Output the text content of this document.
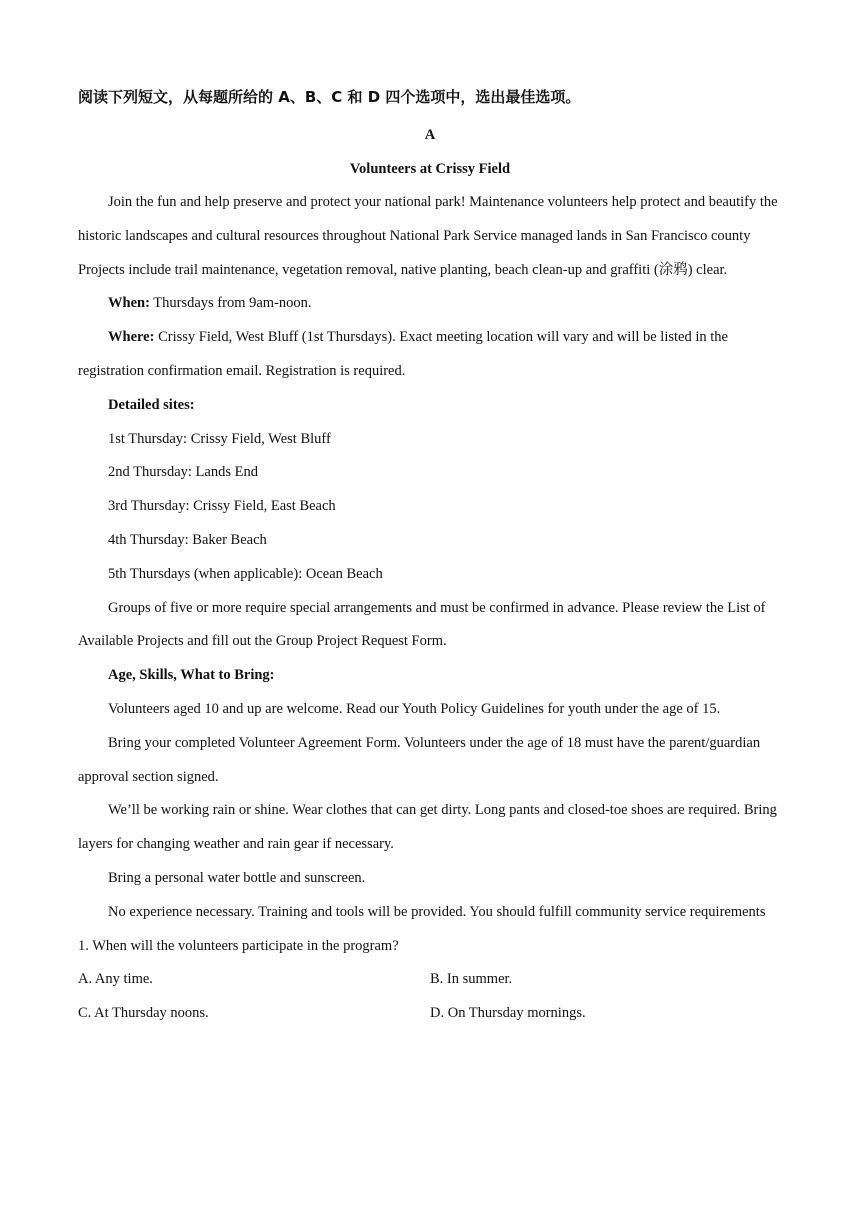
阅读下列短文，从每题所给的 A、B、C 和 D 四个选项中，选出最佳选项。
A
Volunteers at Crissy Field

Join the fun and help preserve and protect your national park! Maintenance volunteers help protect and beautify the historic landscapes and cultural resources throughout National Park Service managed lands in San Francisco county Projects include trail maintenance, vegetation removal, native planting, beach clean-up and graffiti (涂鸦) clear.

When: Thursdays from 9am-noon.

Where: Crissy Field, West Bluff (1st Thursdays). Exact meeting location will vary and will be listed in the registration confirmation email. Registration is required.

Detailed sites:

1st Thursday: Crissy Field, West Bluff

2nd Thursday: Lands End

3rd Thursday: Crissy Field, East Beach

4th Thursday: Baker Beach

5th Thursdays (when applicable): Ocean Beach

Groups of five or more require special arrangements and must be confirmed in advance. Please review the List of Available Projects and fill out the Group Project Request Form.

Age, Skills, What to Bring:

Volunteers aged 10 and up are welcome. Read our Youth Policy Guidelines for youth under the age of 15.

Bring your completed Volunteer Agreement Form. Volunteers under the age of 18 must have the parent/guardian approval section signed.

We’ll be working rain or shine. Wear clothes that can get dirty. Long pants and closed-toe shoes are required. Bring layers for changing weather and rain gear if necessary.

Bring a personal water bottle and sunscreen.

No experience necessary. Training and tools will be provided. You should fulfill community service requirements

1. When will the volunteers participate in the program?

A. Any time.	B. In summer.
C. At Thursday noons.	D. On Thursday mornings.
